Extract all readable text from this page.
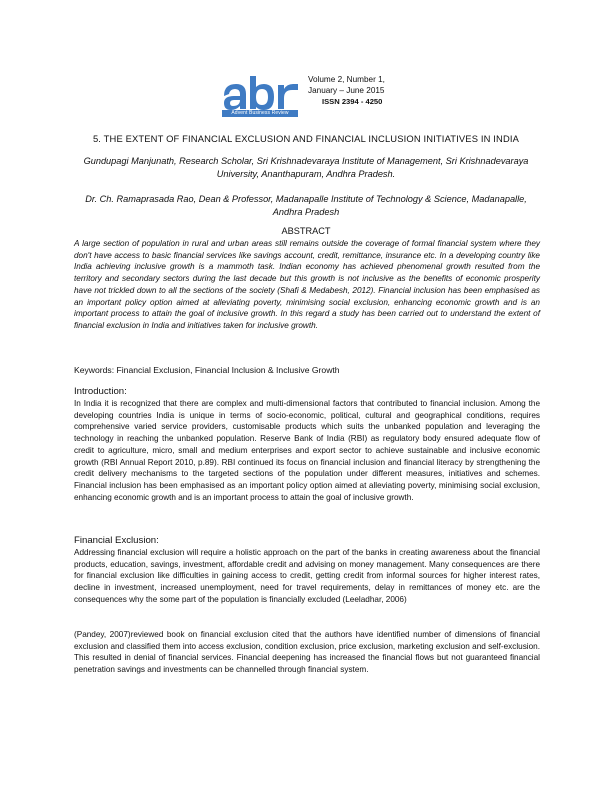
Advent Business Review
Volume 2, Number 1,
January – June 2015
ISSN 2394 - 4250
5. THE EXTENT OF FINANCIAL EXCLUSION AND FINANCIAL INCLUSION INITIATIVES IN INDIA
Gundupagi Manjunath, Research Scholar, Sri Krishnadevaraya Institute of Management, Sri Krishnadevaraya University, Ananthapuram, Andhra Pradesh.
Dr. Ch. Ramaprasada Rao, Dean & Professor, Madanapalle Institute of Technology & Science, Madanapalle, Andhra Pradesh
ABSTRACT

A large section of population in rural and urban areas still remains outside the coverage of formal financial system where they don't have access to basic financial services like savings account, credit, remittance, insurance etc. In a developing country like India achieving inclusive growth is a mammoth task. Indian economy has achieved phenomenal growth resulted from the territory and secondary sectors during the last decade but this growth is not inclusive as the benefits of economic prosperity have not trickled down to all the sections of the society (Shafi & Medabesh, 2012). Financial inclusion has been emphasised as an important policy option aimed at alleviating poverty, minimising social exclusion, enhancing economic growth and is an important process to attain the goal of inclusive growth. In this regard a study has been carried out to understand the extent of financial exclusion in India and initiatives taken for inclusive growth.

Keywords: Financial Exclusion, Financial Inclusion & Inclusive Growth
Introduction:

In India it is recognized that there are complex and multi-dimensional factors that contributed to financial inclusion. Among the developing countries India is unique in terms of socio-economic, political, cultural and geographical conditions, requires comprehensive varied service providers, customisable products which suits the unbanked population and leveraging the technology in reaching the unbanked population. Reserve Bank of India (RBI) as regulatory body ensured adequate flow of credit to agriculture, micro, small and medium enterprises and export sector to achieve sustainable and inclusive economic growth (RBI Annual Report 2010, p.89). RBI continued its focus on financial inclusion and financial literacy by strengthening the credit delivery mechanisms to the targeted sections of the population under different measures, initiatives and schemes. Financial inclusion has been emphasised as an important policy option aimed at alleviating poverty, minimising social exclusion, enhancing economic growth and is an important process to attain the goal of inclusive growth.

Financial Exclusion:

Addressing financial exclusion will require a holistic approach on the part of the banks in creating awareness about the financial products, education, savings, investment, affordable credit and advising on money management. Many consequences are there for financial exclusion like difficulties in gaining access to credit, getting credit from informal sources for higher interest rates, decline in investment, increased unemployment, need for travel requirements, delay in remittances of money etc. are the consequences why the some part of the population is financially excluded (Leeladhar, 2006)

(Pandey, 2007)reviewed book on financial exclusion cited that the authors have identified number of dimensions of financial exclusion and classified them into access exclusion, condition exclusion, price exclusion, marketing exclusion and self-exclusion. This resulted in denial of financial services. Financial deepening has increased the financial flows but not guaranteed financial penetration savings and investments can be channelled through financial system.
